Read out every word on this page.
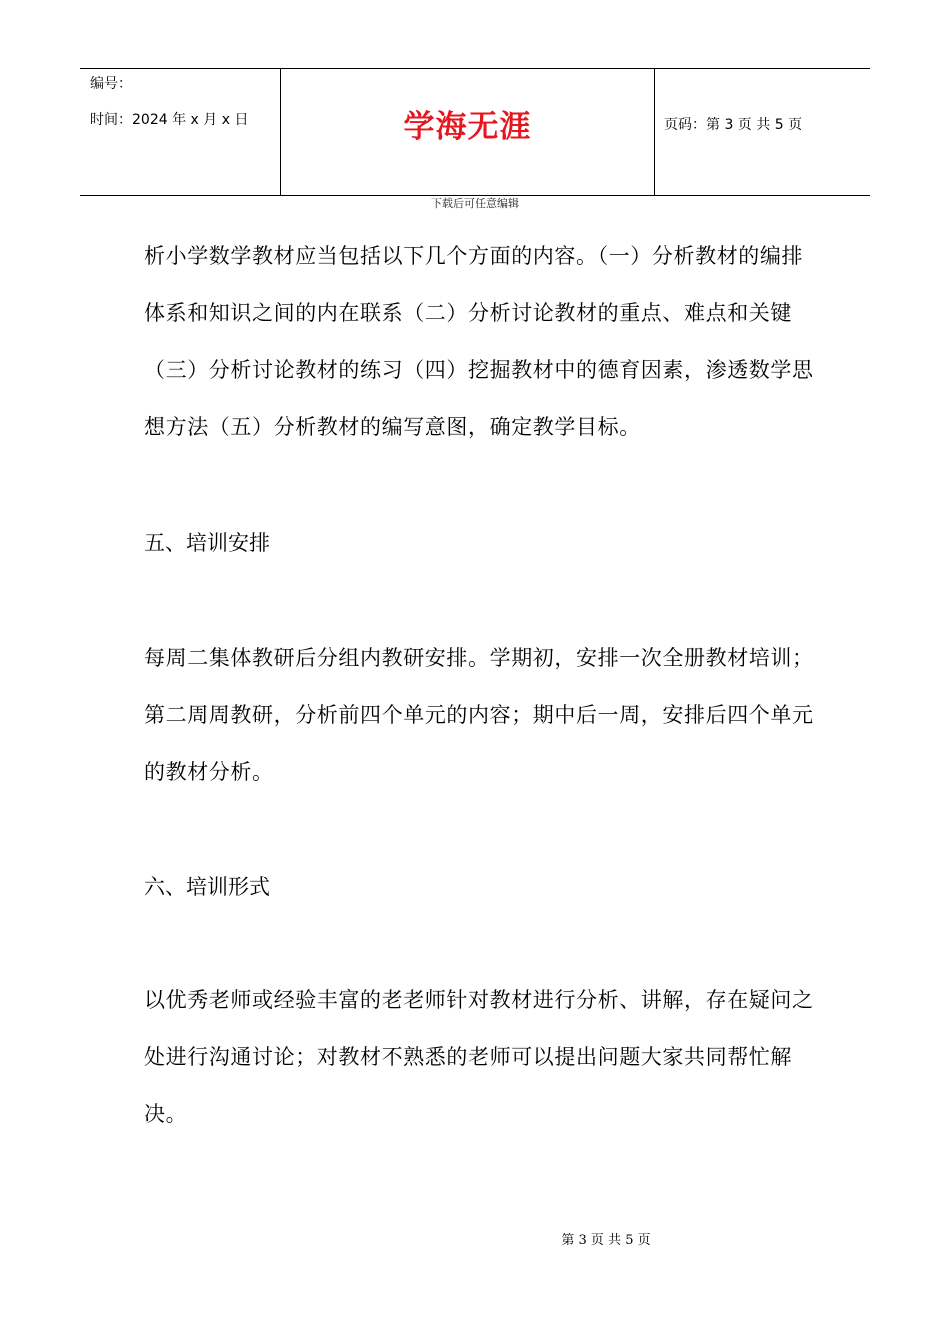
编号：
时间：2024 年 x 月 x 日	学海无涯	页码：第 3 页 共 5 页
下载后可任意编辑

析小学数学教材应当包括以下几个方面的内容。（一）分析教材的编排体系和知识之间的内在联系（二）分析讨论教材的重点、难点和关键（三）分析讨论教材的练习（四）挖掘教材中的德育因素，渗透数学思想方法（五）分析教材的编写意图，确定教学目标。

五、培训安排

每周二集体教研后分组内教研安排。学期初，安排一次全册教材培训；第二周周教研，分析前四个单元的内容；期中后一周，安排后四个单元的教材分析。

六、培训形式

以优秀老师或经验丰富的老老师针对教材进行分析、讲解，存在疑问之处进行沟通讨论；对教材不熟悉的老师可以提出问题大家共同帮忙解决。

第 3 页 共 5 页
